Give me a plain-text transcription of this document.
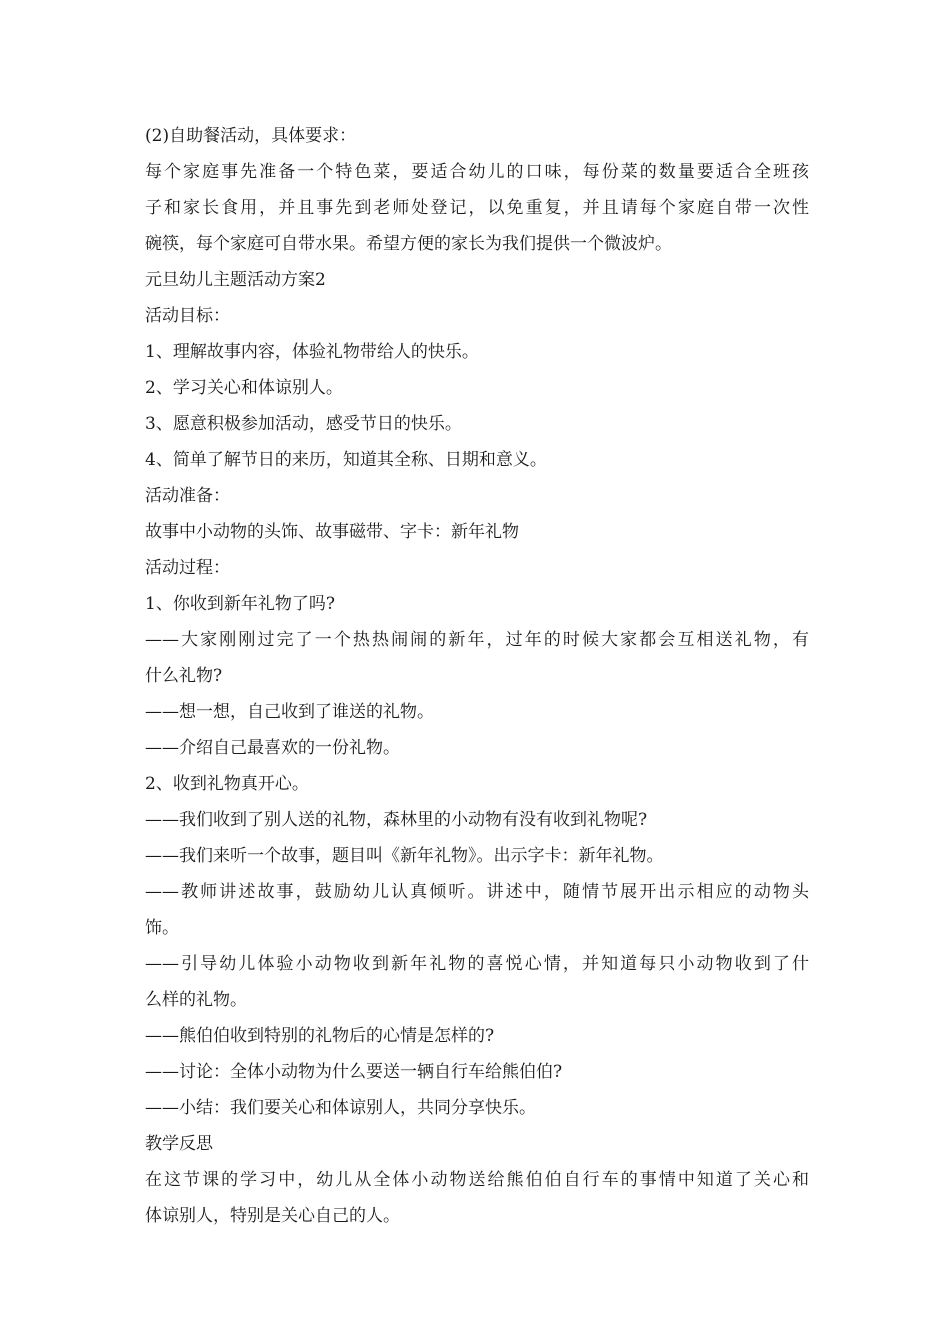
(2)自助餐活动，具体要求：

每个家庭事先准备一个特色菜，要适合幼儿的口味，每份菜的数量要适合全班孩

子和家长食用，并且事先到老师处登记，以免重复，并且请每个家庭自带一次性

碗筷，每个家庭可自带水果。希望方便的家长为我们提供一个微波炉。

元旦幼儿主题活动方案2

活动目标：

1、理解故事内容，体验礼物带给人的快乐。

2、学习关心和体谅别人。

3、愿意积极参加活动，感受节日的快乐。

4、简单了解节日的来历，知道其全称、日期和意义。

活动准备：

故事中小动物的头饰、故事磁带、字卡：新年礼物

活动过程：

1、你收到新年礼物了吗?

——大家刚刚过完了一个热热闹闹的新年，过年的时候大家都会互相送礼物，有

什么礼物?

——想一想，自己收到了谁送的礼物。

——介绍自己最喜欢的一份礼物。

2、收到礼物真开心。

——我们收到了别人送的礼物，森林里的小动物有没有收到礼物呢?

——我们来听一个故事，题目叫《新年礼物》。出示字卡：新年礼物。

——教师讲述故事，鼓励幼儿认真倾听。讲述中，随情节展开出示相应的动物头

饰。

——引导幼儿体验小动物收到新年礼物的喜悦心情，并知道每只小动物收到了什

么样的礼物。

——熊伯伯收到特别的礼物后的心情是怎样的?

——讨论：全体小动物为什么要送一辆自行车给熊伯伯?

——小结：我们要关心和体谅别人，共同分享快乐。

教学反思

在这节课的学习中，幼儿从全体小动物送给熊伯伯自行车的事情中知道了关心和

体谅别人，特别是关心自己的人。
